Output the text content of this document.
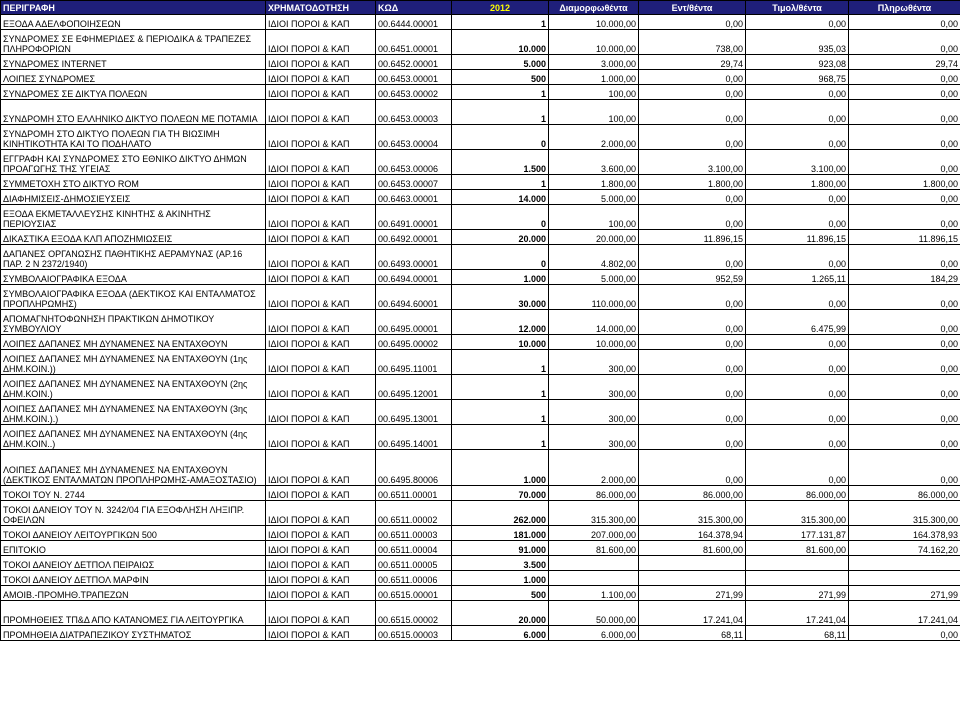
ΠΕΡΙΓΡΑΦΗ	ΧΡΗΜΑΤΟΔΟΤΗΣΗ	ΚΩΔ	2012	Διαμορφωθέντα	Εντ/θέντα	Τιμολ/θέντα	Πληρωθέντα
ΕΞΟΔΑ ΑΔΕΛΦΟΠΟΙΗΣΕΩΝ	ΙΔΙΟΙ ΠΟΡΟΙ & ΚΑΠ	00.6444.00001	1	10.000,00	0,00	0,00	0,00
ΣΥΝΔΡΟΜΕΣ ΣΕ ΕΦΗΜΕΡΙΔΕΣ & ΠΕΡΙΟΔΙΚΑ & ΤΡΑΠΕΖΕΣ ΠΛΗΡΟΦΟΡΙΩΝ	ΙΔΙΟΙ ΠΟΡΟΙ & ΚΑΠ	00.6451.00001	10.000	10.000,00	738,00	935,03	0,00
ΣΥΝΔΡΟΜΕΣ INTERNET	ΙΔΙΟΙ ΠΟΡΟΙ & ΚΑΠ	00.6452.00001	5.000	3.000,00	29,74	923,08	29,74
ΛΟΙΠΕΣ ΣΥΝΔΡΟΜΕΣ	ΙΔΙΟΙ ΠΟΡΟΙ & ΚΑΠ	00.6453.00001	500	1.000,00	0,00	968,75	0,00
ΣΥΝΔΡΟΜΕΣ ΣΕ ΔΙΚΤΥΑ ΠΟΛΕΩΝ	ΙΔΙΟΙ ΠΟΡΟΙ & ΚΑΠ	00.6453.00002	1	100,00	0,00	0,00	0,00
ΣΥΝΔΡΟΜΗ ΣΤΟ ΕΛΛΗΝΙΚΟ ΔΙΚΤΥΟ ΠΟΛΕΩΝ ΜΕ ΠΟΤΑΜΙΑ	ΙΔΙΟΙ ΠΟΡΟΙ & ΚΑΠ	00.6453.00003	1	100,00	0,00	0,00	0,00
ΣΥΝΔΡΟΜΗ ΣΤΟ ΔΙΚΤΥΟ ΠΟΛΕΩΝ ΓΙΑ ΤΗ ΒΙΩΣΙΜΗ ΚΙΝΗΤΙΚΟΤΗΤΑ ΚΑΙ ΤΟ ΠΟΔΗΛΑΤΟ	ΙΔΙΟΙ ΠΟΡΟΙ & ΚΑΠ	00.6453.00004	0	2.000,00	0,00	0,00	0,00
ΕΓΓΡΑΦΗ ΚΑΙ ΣΥΝΔΡΟΜΕΣ ΣΤΟ ΕΘΝΙΚΟ ΔΙΚΤΥΟ ΔΗΜΩΝ ΠΡΟΑΓΩΓΗΣ ΤΗΣ ΥΓΕΙΑΣ	ΙΔΙΟΙ ΠΟΡΟΙ & ΚΑΠ	00.6453.00006	1.500	3.600,00	3.100,00	3.100,00	0,00
ΣΥΜΜΕΤΟΧΗ ΣΤΟ ΔΙΚΤΥΟ ROM	ΙΔΙΟΙ ΠΟΡΟΙ & ΚΑΠ	00.6453.00007	1	1.800,00	1.800,00	1.800,00	1.800,00
ΔΙΑΦΗΜΙΣΕΙΣ-ΔΗΜΟΣΙΕΥΣΕΙΣ	ΙΔΙΟΙ ΠΟΡΟΙ & ΚΑΠ	00.6463.00001	14.000	5.000,00	0,00	0,00	0,00
ΕΞΟΔΑ ΕΚΜΕΤΑΛΛΕΥΣΗΣ ΚΙΝΗΤΗΣ & ΑΚΙΝΗΤΗΣ ΠΕΡΙΟΥΣΙΑΣ	ΙΔΙΟΙ ΠΟΡΟΙ & ΚΑΠ	00.6491.00001	0	100,00	0,00	0,00	0,00
ΔΙΚΑΣΤΙΚΑ ΕΞΟΔΑ ΚΛΠ ΑΠΟΖΗΜΙΩΣΕΙΣ	ΙΔΙΟΙ ΠΟΡΟΙ & ΚΑΠ	00.6492.00001	20.000	20.000,00	11.896,15	11.896,15	11.896,15
ΔΑΠΑΝΕΣ ΟΡΓΑΝΩΣΗΣ ΠΑΘΗΤΙΚΗΣ ΑΕΡΑΜΥΝΑΣ (ΑΡ.16 ΠΑΡ. 2 Ν 2372/1940)	ΙΔΙΟΙ ΠΟΡΟΙ & ΚΑΠ	00.6493.00001	0	4.802,00	0,00	0,00	0,00
ΣΥΜΒΟΛΑΙΟΓΡΑΦΙΚΑ ΕΞΟΔΑ	ΙΔΙΟΙ ΠΟΡΟΙ & ΚΑΠ	00.6494.00001	1.000	5.000,00	952,59	1.265,11	184,29
ΣΥΜΒΟΛΑΙΟΓΡΑΦΙΚΑ ΕΞΟΔΑ (ΔΕΚΤΙΚΟΣ ΚΑΙ ΕΝΤΑΛΜΑΤΟΣ ΠΡΟΠΛΗΡΩΜΗΣ)	ΙΔΙΟΙ ΠΟΡΟΙ & ΚΑΠ	00.6494.60001	30.000	110.000,00	0,00	0,00	0,00
ΑΠΟΜΑΓΝΗΤΟΦΩΝΗΣΗ ΠΡΑΚΤΙΚΩΝ ΔΗΜΟΤΙΚΟΥ ΣΥΜΒΟΥΛΙΟΥ	ΙΔΙΟΙ ΠΟΡΟΙ & ΚΑΠ	00.6495.00001	12.000	14.000,00	0,00	6.475,99	0,00
ΛΟΙΠΕΣ ΔΑΠΑΝΕΣ ΜΗ ΔΥΝΑΜΕΝΕΣ ΝΑ ΕΝΤΑΧΘΟΥΝ	ΙΔΙΟΙ ΠΟΡΟΙ & ΚΑΠ	00.6495.00002	10.000	10.000,00	0,00	0,00	0,00
ΛΟΙΠΕΣ ΔΑΠΑΝΕΣ ΜΗ ΔΥΝΑΜΕΝΕΣ ΝΑ ΕΝΤΑΧΘΟΥΝ (1ης ΔΗΜ.ΚΟΙΝ.))	ΙΔΙΟΙ ΠΟΡΟΙ & ΚΑΠ	00.6495.11001	1	300,00	0,00	0,00	0,00
ΛΟΙΠΕΣ ΔΑΠΑΝΕΣ ΜΗ ΔΥΝΑΜΕΝΕΣ ΝΑ ΕΝΤΑΧΘΟΥΝ (2ης ΔΗΜ.ΚΟΙΝ.)	ΙΔΙΟΙ ΠΟΡΟΙ & ΚΑΠ	00.6495.12001	1	300,00	0,00	0,00	0,00
ΛΟΙΠΕΣ ΔΑΠΑΝΕΣ ΜΗ ΔΥΝΑΜΕΝΕΣ ΝΑ ΕΝΤΑΧΘΟΥΝ (3ης ΔΗΜ.ΚΟΙΝ.).)	ΙΔΙΟΙ ΠΟΡΟΙ & ΚΑΠ	00.6495.13001	1	300,00	0,00	0,00	0,00
ΛΟΙΠΕΣ ΔΑΠΑΝΕΣ ΜΗ ΔΥΝΑΜΕΝΕΣ ΝΑ ΕΝΤΑΧΘΟΥΝ (4ης ΔΗΜ.ΚΟΙΝ..)	ΙΔΙΟΙ ΠΟΡΟΙ & ΚΑΠ	00.6495.14001	1	300,00	0,00	0,00	0,00
ΛΟΙΠΕΣ ΔΑΠΑΝΕΣ ΜΗ ΔΥΝΑΜΕΝΕΣ ΝΑ ΕΝΤΑΧΘΟΥΝ (ΔΕΚΤΙΚΟΣ ΕΝΤΑΛΜΑΤΩΝ ΠΡΟΠΛΗΡΩΜΗΣ-ΑΜΑΞΟΣΤΑΣΙΟ)	ΙΔΙΟΙ ΠΟΡΟΙ & ΚΑΠ	00.6495.80006	1.000	2.000,00	0,00	0,00	0,00
ΤΟΚΟΙ ΤΟΥ Ν. 2744	ΙΔΙΟΙ ΠΟΡΟΙ & ΚΑΠ	00.6511.00001	70.000	86.000,00	86.000,00	86.000,00	86.000,00
ΤΟΚΟΙ ΔΑΝΕΙΟΥ ΤΟΥ Ν. 3242/04 ΓΙΑ ΕΞΟΦΛΗΣΗ ΛΗΞΙΠΡ. ΟΦΕΙΛΩΝ	ΙΔΙΟΙ ΠΟΡΟΙ & ΚΑΠ	00.6511.00002	262.000	315.300,00	315.300,00	315.300,00	315.300,00
ΤΟΚΟΙ ΔΑΝΕΙΟΥ ΛΕΙΤΟΥΡΓΙΚΩΝ 500	ΙΔΙΟΙ ΠΟΡΟΙ & ΚΑΠ	00.6511.00003	181.000	207.000,00	164.378,94	177.131,87	164.378,93
ΕΠΙΤΟΚΙΟ	ΙΔΙΟΙ ΠΟΡΟΙ & ΚΑΠ	00.6511.00004	91.000	81.600,00	81.600,00	81.600,00	74.162,20
ΤΟΚΟΙ ΔΑΝΕΙΟΥ ΔΕΤΠΟΛ ΠΕΙΡΑΙΩΣ	ΙΔΙΟΙ ΠΟΡΟΙ & ΚΑΠ	00.6511.00005	3.500				
ΤΟΚΟΙ ΔΑΝΕΙΟΥ ΔΕΤΠΟΛ ΜΑΡΦΙΝ	ΙΔΙΟΙ ΠΟΡΟΙ & ΚΑΠ	00.6511.00006	1.000				
ΑΜΟΙΒ.-ΠΡΟΜΗΘ.ΤΡΑΠΕΖΩΝ	ΙΔΙΟΙ ΠΟΡΟΙ & ΚΑΠ	00.6515.00001	500	1.100,00	271,99	271,99	271,99
ΠΡΟΜΗΘΕΙΕΣ ΤΠ&Δ ΑΠΟ ΚΑΤΑΝΟΜΕΣ ΓΙΑ ΛΕΙΤΟΥΡΓΙΚΑ	ΙΔΙΟΙ ΠΟΡΟΙ & ΚΑΠ	00.6515.00002	20.000	50.000,00	17.241,04	17.241,04	17.241,04
ΠΡΟΜΗΘΕΙΑ ΔΙΑΤΡΑΠΕΖΙΚΟΥ ΣΥΣΤΗΜΑΤΟΣ	ΙΔΙΟΙ ΠΟΡΟΙ & ΚΑΠ	00.6515.00003	6.000	6.000,00	68,11	68,11	0,00
